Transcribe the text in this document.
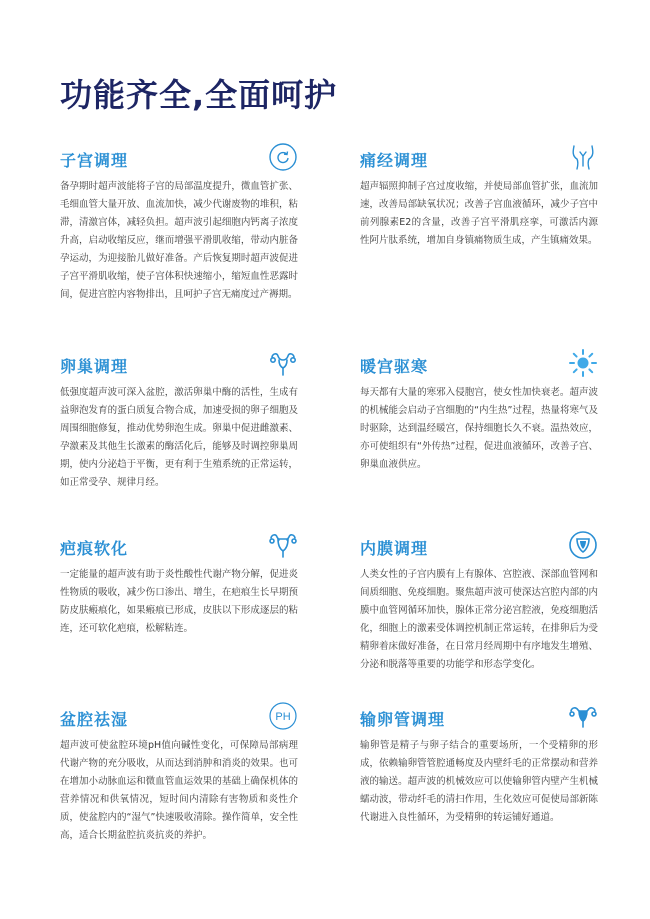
功能齐全,全面呵护
子宫调理

备孕期时超声波能将子宫的局部温度提升，微血管扩张、毛细血管大量开放、血流加快，减少代谢废物的堆积，粘滞，清激宫体，减轻负担。超声波引起细胞内钙离子浓度升高，启动收缩反应，继而增强平滑肌收缩，带动内脏备孕运动，为迎接胎儿做好准备。产后恢复期时超声波促进子宫平滑肌收缩，使子宫体积快速缩小，缩短血性恶露时间，促进宫腔内容物排出，且呵护子宫无痛度过产褥期。

痛经调理

超声辐照抑制子宫过度收缩，并使局部血管扩张，血流加速，改善局部缺氧状况；改善子宫血液循环，减少子宫中前列腺素E2的含量，改善子宫平滑肌痉挛，可激活内源性阿片肽系统，增加自身镇痛物质生成，产生镇痛效果。

卵巢调理

低强度超声波可深入盆腔，激活卵巢中酶的活性，生成有益卵泡发育的蛋白质复合物合成，加速受损的卵子细胞及周围细胞修复，推动优势卵泡生成。卵巢中促进雌激素、孕激素及其他生长激素的酶活化后，能够及时调控卵巢周期，使内分泌趋于平衡，更有利于生殖系统的正常运转，如正常受孕、规律月经。

暖宫驱寒

每天都有大量的寒邪入侵胞宫，使女性加快衰老。超声波的机械能会启动子宫细胞的“内生热”过程，热量将寒气及时驱除，达到温经暖宫，保持细胞长久不衰。温热效应，亦可使组织有“外传热”过程，促进血液循环，改善子宫、卵巢血液供应。

疤痕软化

一定能量的超声波有助于炎性酸性代谢产物分解，促进炎性物质的吸收，减少伤口渗出、增生，在疤痕生长早期预防皮肤瘢痕化，如果瘢痕已形成，皮肤以下形成逐层的粘连，还可软化疤痕，松解粘连。

内膜调理

人类女性的子宫内膜有上有腺体、宫腔液、深部血管网和间质细胞、免疫细胞。聚焦超声波可使深达宫腔内部的内膜中血管网循环加快，腺体正常分泌宫腔液，免疫细胞活化，细胞上的激素受体调控机制正常运转，在排卵后为受精卵着床做好准备，在日常月经周期中有序地发生增殖、分泌和脱落等重要的功能学和形态学变化。

盆腔祛湿	PH

超声波可使盆腔环境pH值向碱性变化，可保障局部病理代谢产物的充分吸收，从而达到消肿和消炎的效果。也可在增加小动脉血运和微血管血运效果的基础上确保机体的营养情况和供氧情况，短时间内清除有害物质和炎性介质，使盆腔内的“湿气”快速吸收清除。操作简单，安全性高，适合长期盆腔抗炎抗炎的养护。

输卵管调理

输卵管是精子与卵子结合的重要场所，一个受精卵的形成，依赖输卵管管腔通畅度及内壁纤毛的正常摆动和营养液的输送。超声波的机械效应可以使输卵管内壁产生机械蠕动波，带动纤毛的清扫作用，生化效应可促使局部新陈代谢进入良性循环，为受精卵的转运铺好通道。
